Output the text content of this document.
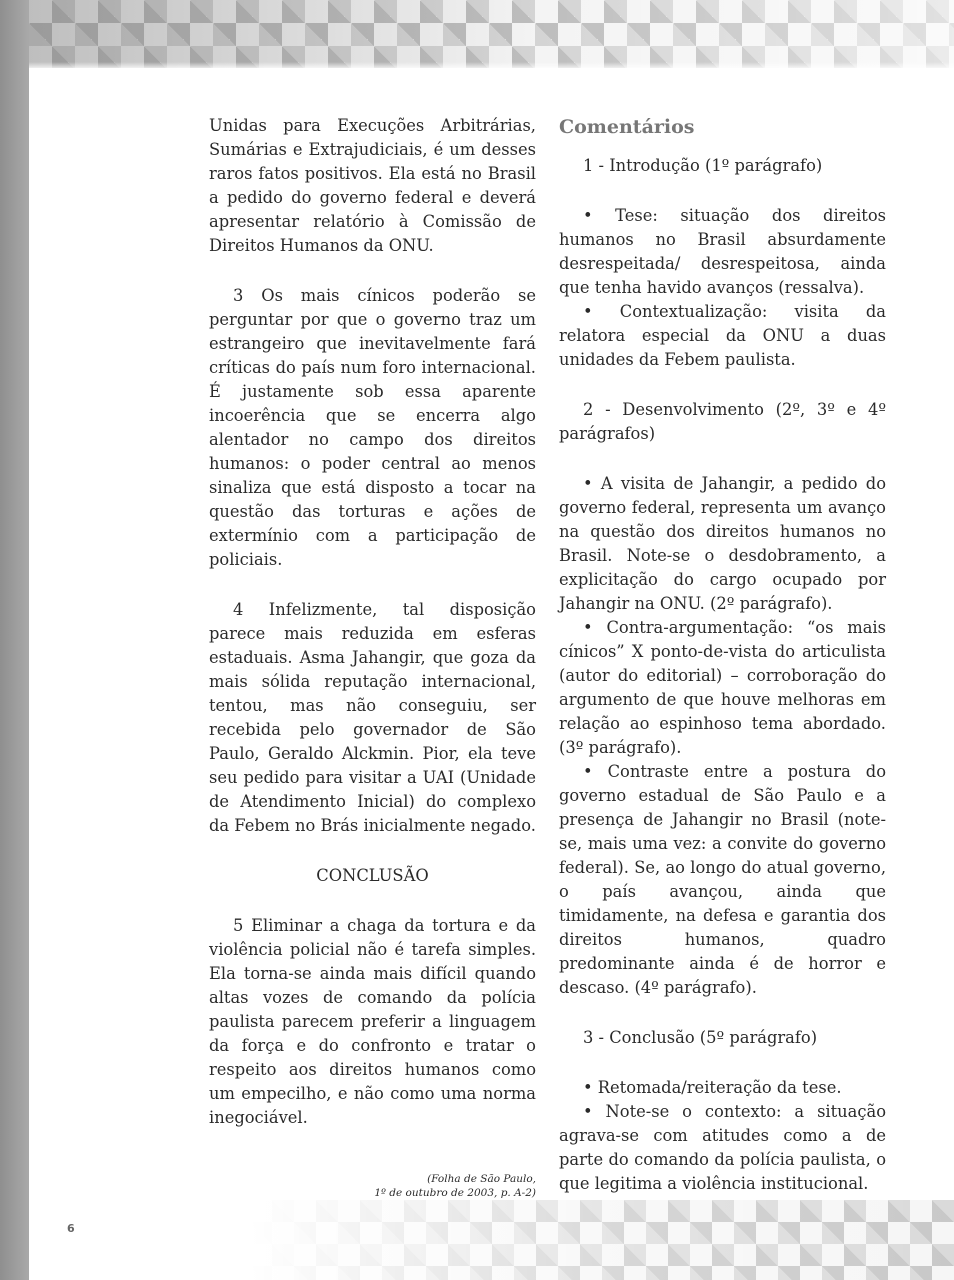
6

Unidas para Execuções Arbitrárias, Sumárias e Extrajudiciais, é um desses raros fatos positivos. Ela está no Brasil a pedido do governo federal e deverá apresentar relatório à Comissão de Direitos Humanos da ONU.

3 Os mais cínicos poderão se perguntar por que o governo traz um estrangeiro que inevitavelmente fará críticas do país num foro internacional. É justamente sob essa aparente incoerência que se encerra algo alentador no campo dos direitos humanos: o poder central ao menos sinaliza que está disposto a tocar na questão das torturas e ações de extermínio com a participação de policiais.

4 Infelizmente, tal disposição parece mais reduzida em esferas estaduais. Asma Jahangir, que goza da mais sólida reputação internacional, tentou, mas não conseguiu, ser recebida pelo governador de São Paulo, Geraldo Alckmin. Pior, ela teve seu pedido para visitar a UAI (Unidade de Atendimento Inicial) do complexo da Febem no Brás inicialmente negado.

CONCLUSÃO

5 Eliminar a chaga da tortura e da violência policial não é tarefa simples. Ela torna-se ainda mais difícil quando altas vozes de comando da polícia paulista parecem preferir a linguagem da força e do confronto e tratar o respeito aos direitos humanos como um empecilho, e não como uma norma inegociável.

(Folha de São Paulo,
1º de outubro de 2003, p. A-2)

Comentários

1 - Introdução (1º parágrafo)

• Tese: situação dos direitos humanos no Brasil absurdamente desrespeitada/ desrespeitosa, ainda que tenha havido avanços (ressalva).

• Contextualização: visita da relatora especial da ONU a duas unidades da Febem paulista.

2 - Desenvolvimento (2º, 3º e 4º parágrafos)

• A visita de Jahangir, a pedido do governo federal, representa um avanço na questão dos direitos humanos no Brasil. Note-se o desdobramento, a explicitação do cargo ocupado por Jahangir na ONU. (2º parágrafo).

• Contra-argumentação: “os mais cínicos” X ponto-de-vista do articulista (autor do editorial) – corroboração do argumento de que houve melhoras em relação ao espinhoso tema abordado. (3º parágrafo).

• Contraste entre a postura do governo estadual de São Paulo e a presença de Jahangir no Brasil (note-se, mais uma vez: a convite do governo federal). Se, ao longo do atual governo, o país avançou, ainda que timidamente, na defesa e garantia dos direitos humanos, quadro predominante ainda é de horror e descaso. (4º parágrafo).

3 - Conclusão (5º parágrafo)

• Retomada/reiteração da tese.

• Note-se o contexto: a situação agrava-se com atitudes como a de parte do comando da polícia paulista, o que legitima a violência institucional.
